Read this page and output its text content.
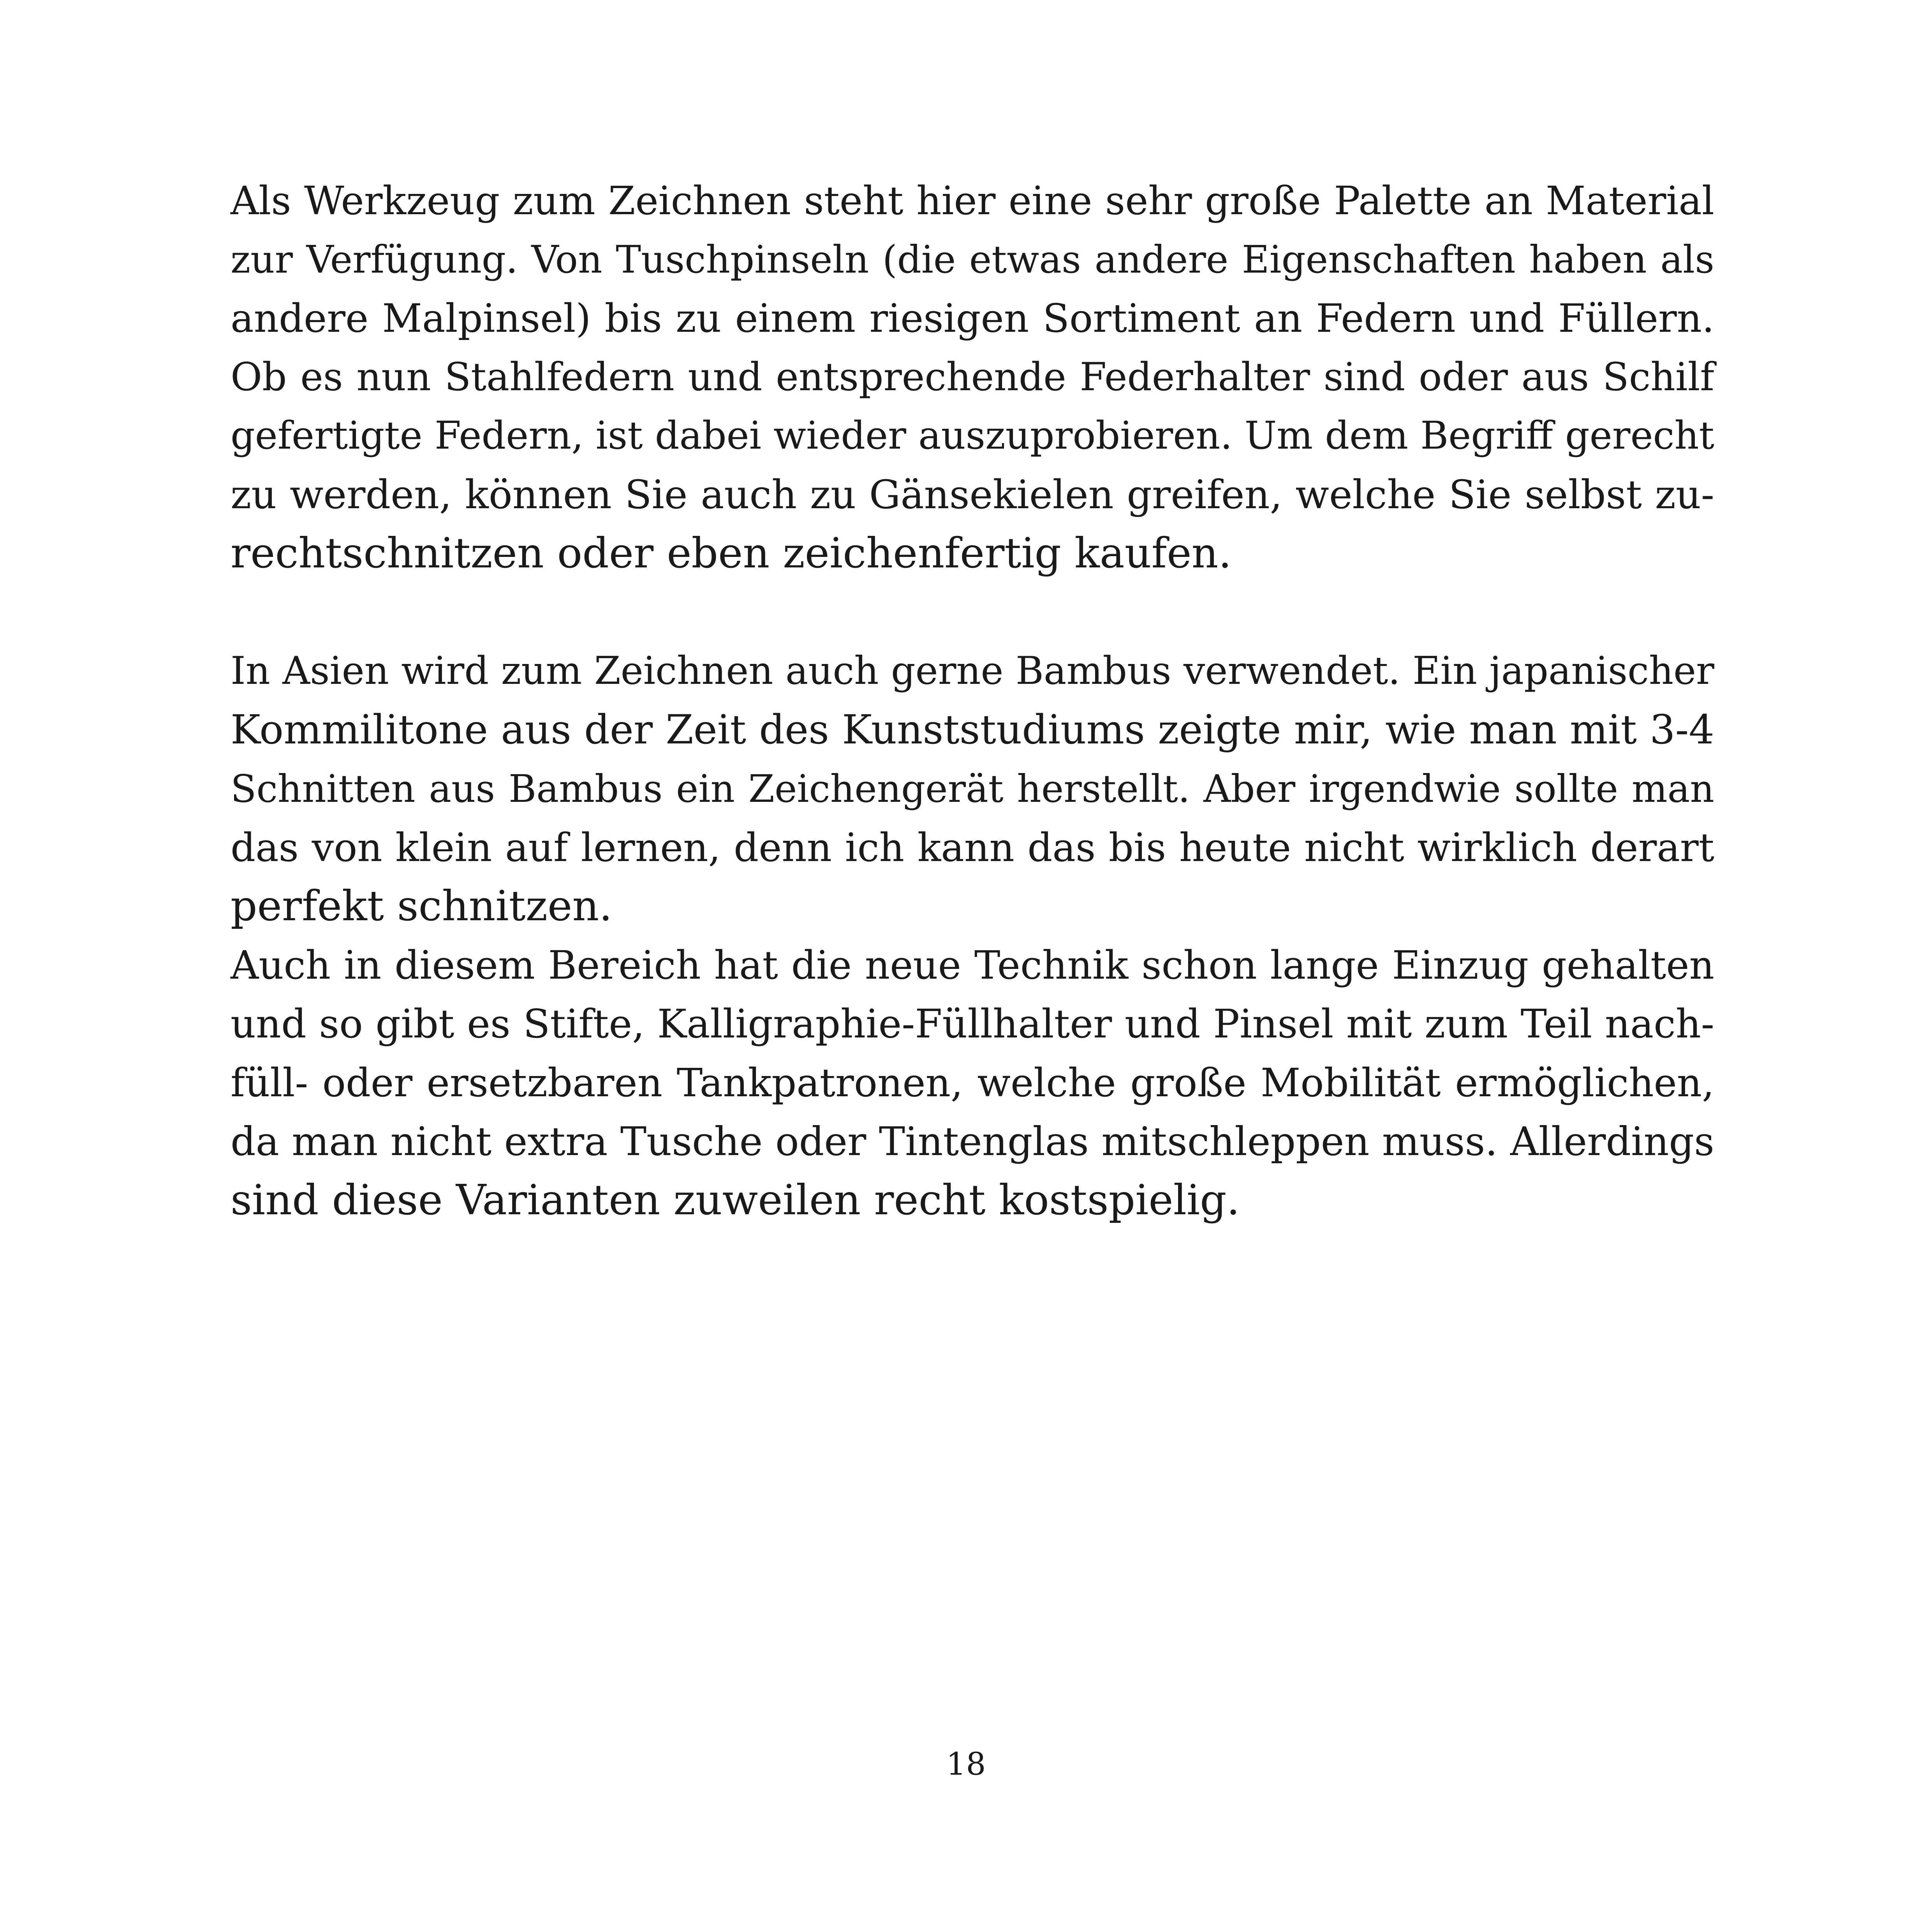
Als Werkzeug zum Zeichnen steht hier eine sehr große Palette an Material
zur Verfügung. Von Tuschpinseln (die etwas andere Eigenschaften haben als
andere Malpinsel) bis zu einem riesigen Sortiment an Federn und Füllern.
Ob es nun Stahlfedern und entsprechende Federhalter sind oder aus Schilf
gefertigte Federn, ist dabei wieder auszuprobieren. Um dem Begriff gerecht
zu werden, können Sie auch zu Gänsekielen greifen, welche Sie selbst zu-
rechtschnitzen oder eben zeichenfertig kaufen.
In Asien wird zum Zeichnen auch gerne Bambus verwendet. Ein japanischer
Kommilitone aus der Zeit des Kunststudiums zeigte mir, wie man mit 3-4
Schnitten aus Bambus ein Zeichengerät herstellt. Aber irgendwie sollte man
das von klein auf lernen, denn ich kann das bis heute nicht wirklich derart
perfekt schnitzen.
Auch in diesem Bereich hat die neue Technik schon lange Einzug gehalten
und so gibt es Stifte, Kalligraphie-Füllhalter und Pinsel mit zum Teil nach-
füll- oder ersetzbaren Tankpatronen, welche große Mobilität ermöglichen,
da man nicht extra Tusche oder Tintenglas mitschleppen muss. Allerdings
sind diese Varianten zuweilen recht kostspielig.
18
